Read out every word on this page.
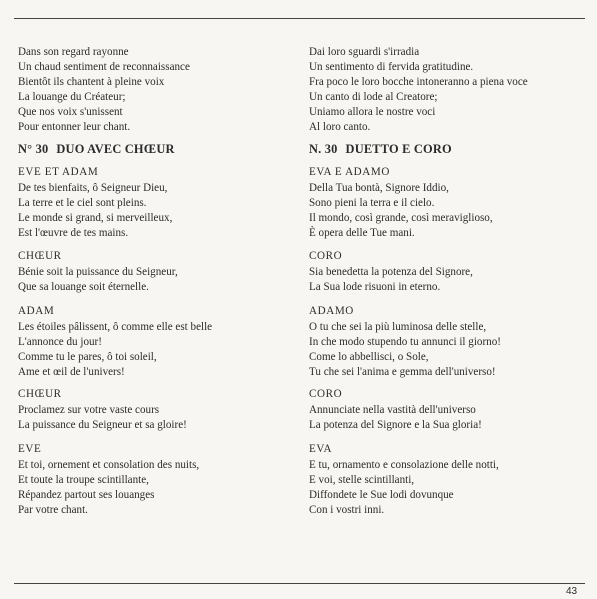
Dans son regard rayonne
Un chaud sentiment de reconnaissance
Bientôt ils chantent à pleine voix
La louange du Créateur;
Que nos voix s'unissent
Pour entonner leur chant.
N° 30 DUO AVEC CHŒUR

EVE ET ADAM

De tes bienfaits, ô Seigneur Dieu,
La terre et le ciel sont pleins.
Le monde si grand, si merveilleux,
Est l'œuvre de tes mains.

CHŒUR

Bénie soit la puissance du Seigneur,
Que sa louange soit éternelle.

ADAM

Les étoiles pâlissent, ô comme elle est belle
L'annonce du jour!
Comme tu le pares, ô toi soleil,
Ame et œil de l'univers!

CHŒUR

Proclamez sur votre vaste cours
La puissance du Seigneur et sa gloire!

EVE

Et toi, ornement et consolation des nuits,
Et toute la troupe scintillante,
Répandez partout ses louanges
Par votre chant.
Dai loro sguardi s'irradia
Un sentimento di fervida gratitudine.
Fra poco le loro bocche intoneranno a piena voce
Un canto di lode al Creatore;
Uniamo allora le nostre voci
Al loro canto.
N. 30 DUETTO E CORO

EVA E ADAMO

Della Tua bontà, Signore Iddio,
Sono pieni la terra e il cielo.
Il mondo, così grande, così meraviglioso,
È opera delle Tue mani.

CORO

Sia benedetta la potenza del Signore,
La Sua lode risuoni in eterno.

ADAMO

O tu che sei la più luminosa delle stelle,
In che modo stupendo tu annunci il giorno!
Come lo abbellisci, o Sole,
Tu che sei l'anima e gemma dell'universo!

CORO

Annunciate nella vastità dell'universo
La potenza del Signore e la Sua gloria!

EVA

E tu, ornamento e consolazione delle notti,
E voi, stelle scintillanti,
Diffondete le Sue lodi dovunque
Con i vostri inni.
43
